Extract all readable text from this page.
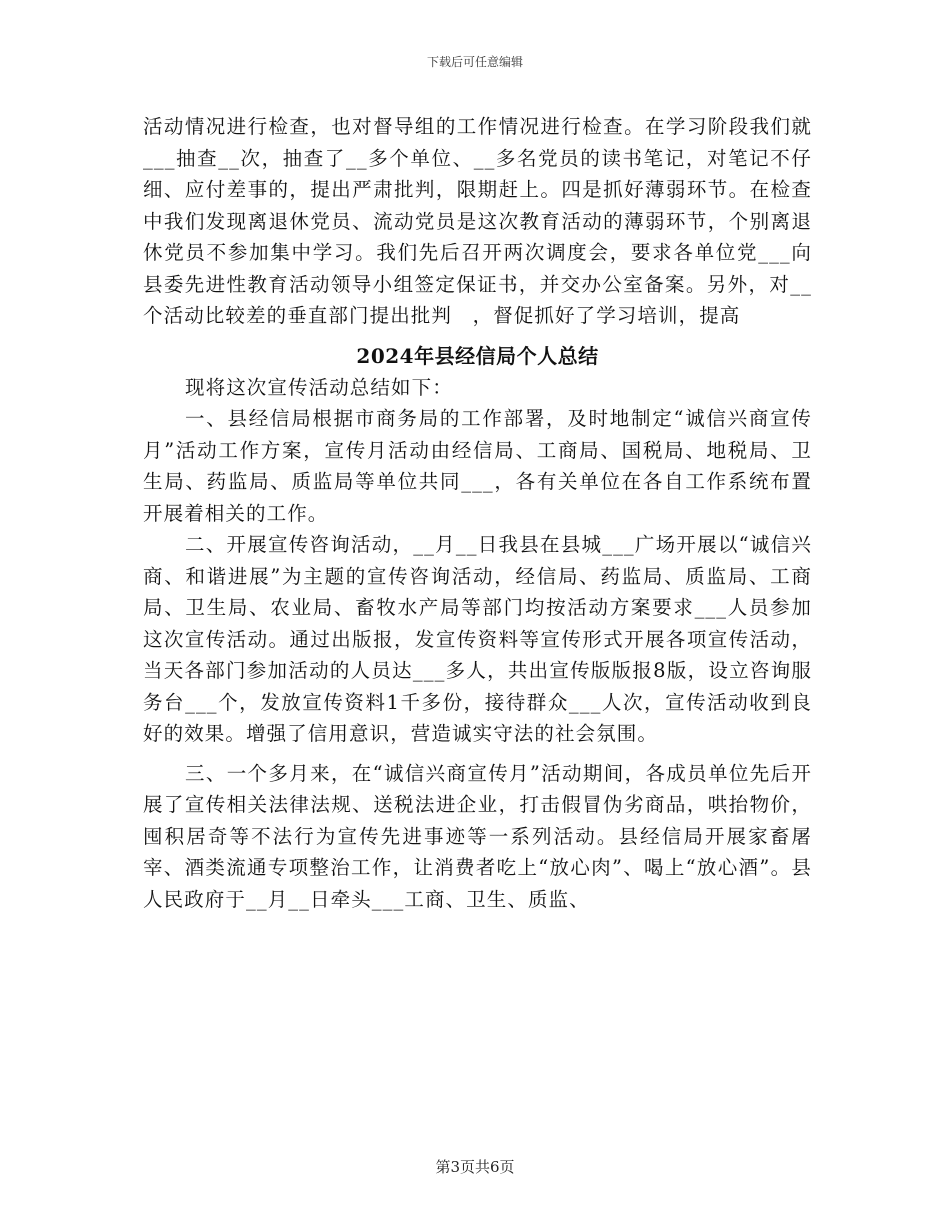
下载后可任意编辑

活动情况进行检查，也对督导组的工作情况进行检查。在学习阶段我们就___抽查__次，抽查了__多个单位、__多名党员的读书笔记，对笔记不仔细、应付差事的，提出严肃批判，限期赶上。四是抓好薄弱环节。在检查中我们发现离退休党员、流动党员是这次教育活动的薄弱环节，个别离退休党员不参加集中学习。我们先后召开两次调度会，要求各单位党___向县委先进性教育活动领导小组签定保证书，并交办公室备案。另外，对__个活动比较差的垂直部门提出批判　，督促抓好了学习培训，提高

2024年县经信局个人总结

现将这次宣传活动总结如下：

一、县经信局根据市商务局的工作部署，及时地制定“诚信兴商宣传月”活动工作方案，宣传月活动由经信局、工商局、国税局、地税局、卫生局、药监局、质监局等单位共同___，各有关单位在各自工作系统布置开展着相关的工作。

二、开展宣传咨询活动，__月__日我县在县城___广场开展以“诚信兴商、和谐进展”为主题的宣传咨询活动，经信局、药监局、质监局、工商局、卫生局、农业局、畜牧水产局等部门均按活动方案要求___人员参加这次宣传活动。通过出版报，发宣传资料等宣传形式开展各项宣传活动，当天各部门参加活动的人员达___多人，共出宣传版版报8版，设立咨询服务台___个，发放宣传资料1千多份，接待群众___人次，宣传活动收到良好的效果。增强了信用意识，营造诚实守法的社会氛围。

三、一个多月来，在“诚信兴商宣传月”活动期间，各成员单位先后开展了宣传相关法律法规、送税法进企业，打击假冒伪劣商品，哄抬物价，囤积居奇等不法行为宣传先进事迹等一系列活动。县经信局开展家畜屠宰、酒类流通专项整治工作，让消费者吃上“放心肉”、喝上“放心酒”。县人民政府于__月__日牵头___工商、卫生、质监、

第3页共6页
